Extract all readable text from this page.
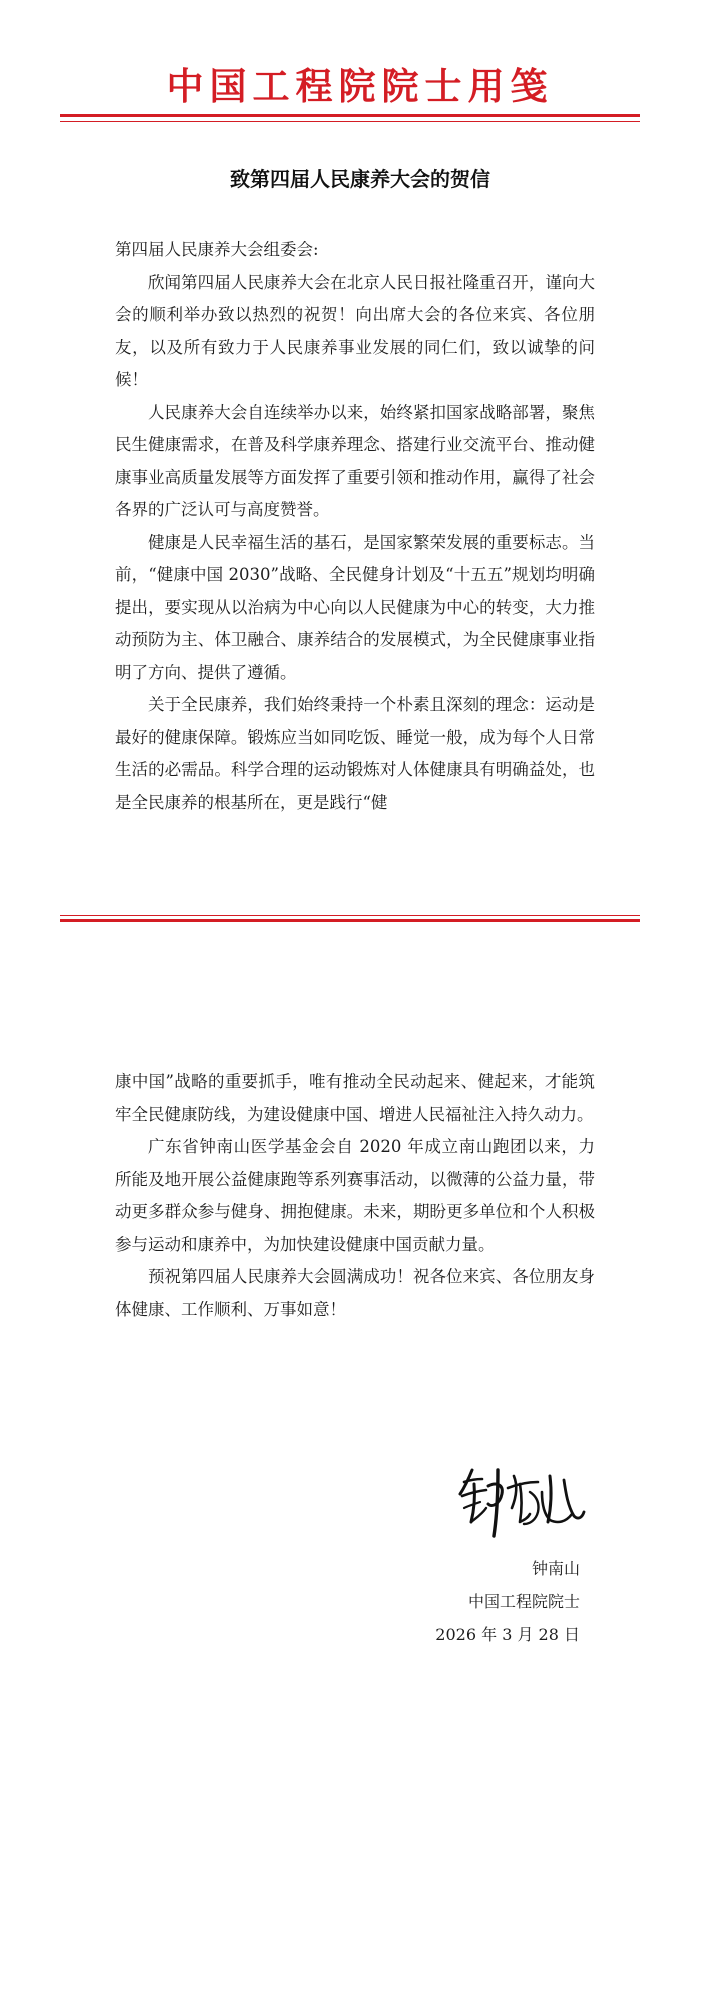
中国工程院院士用笺
致第四届人民康养大会的贺信

第四届人民康养大会组委会:

欣闻第四届人民康养大会在北京人民日报社隆重召开，谨向大会的顺利举办致以热烈的祝贺！向出席大会的各位来宾、各位朋友，以及所有致力于人民康养事业发展的同仁们，致以诚挚的问候！

人民康养大会自连续举办以来，始终紧扣国家战略部署，聚焦民生健康需求，在普及科学康养理念、搭建行业交流平台、推动健康事业高质量发展等方面发挥了重要引领和推动作用，赢得了社会各界的广泛认可与高度赞誉。

健康是人民幸福生活的基石，是国家繁荣发展的重要标志。当前，“健康中国 2030”战略、全民健身计划及“十五五”规划均明确提出，要实现从以治病为中心向以人民健康为中心的转变，大力推动预防为主、体卫融合、康养结合的发展模式，为全民健康事业指明了方向、提供了遵循。

关于全民康养，我们始终秉持一个朴素且深刻的理念：运动是最好的健康保障。锻炼应当如同吃饭、睡觉一般，成为每个人日常生活的必需品。科学合理的运动锻炼对人体健康具有明确益处，也是全民康养的根基所在，更是践行“健

康中国”战略的重要抓手，唯有推动全民动起来、健起来，才能筑牢全民健康防线，为建设健康中国、增进人民福祉注入持久动力。

广东省钟南山医学基金会自 2020 年成立南山跑团以来，力所能及地开展公益健康跑等系列赛事活动，以微薄的公益力量，带动更多群众参与健身、拥抱健康。未来，期盼更多单位和个人积极参与运动和康养中，为加快建设健康中国贡献力量。

预祝第四届人民康养大会圆满成功！祝各位来宾、各位朋友身体健康、工作顺利、万事如意！

钟南山
中国工程院院士
2026 年 3 月 28 日
